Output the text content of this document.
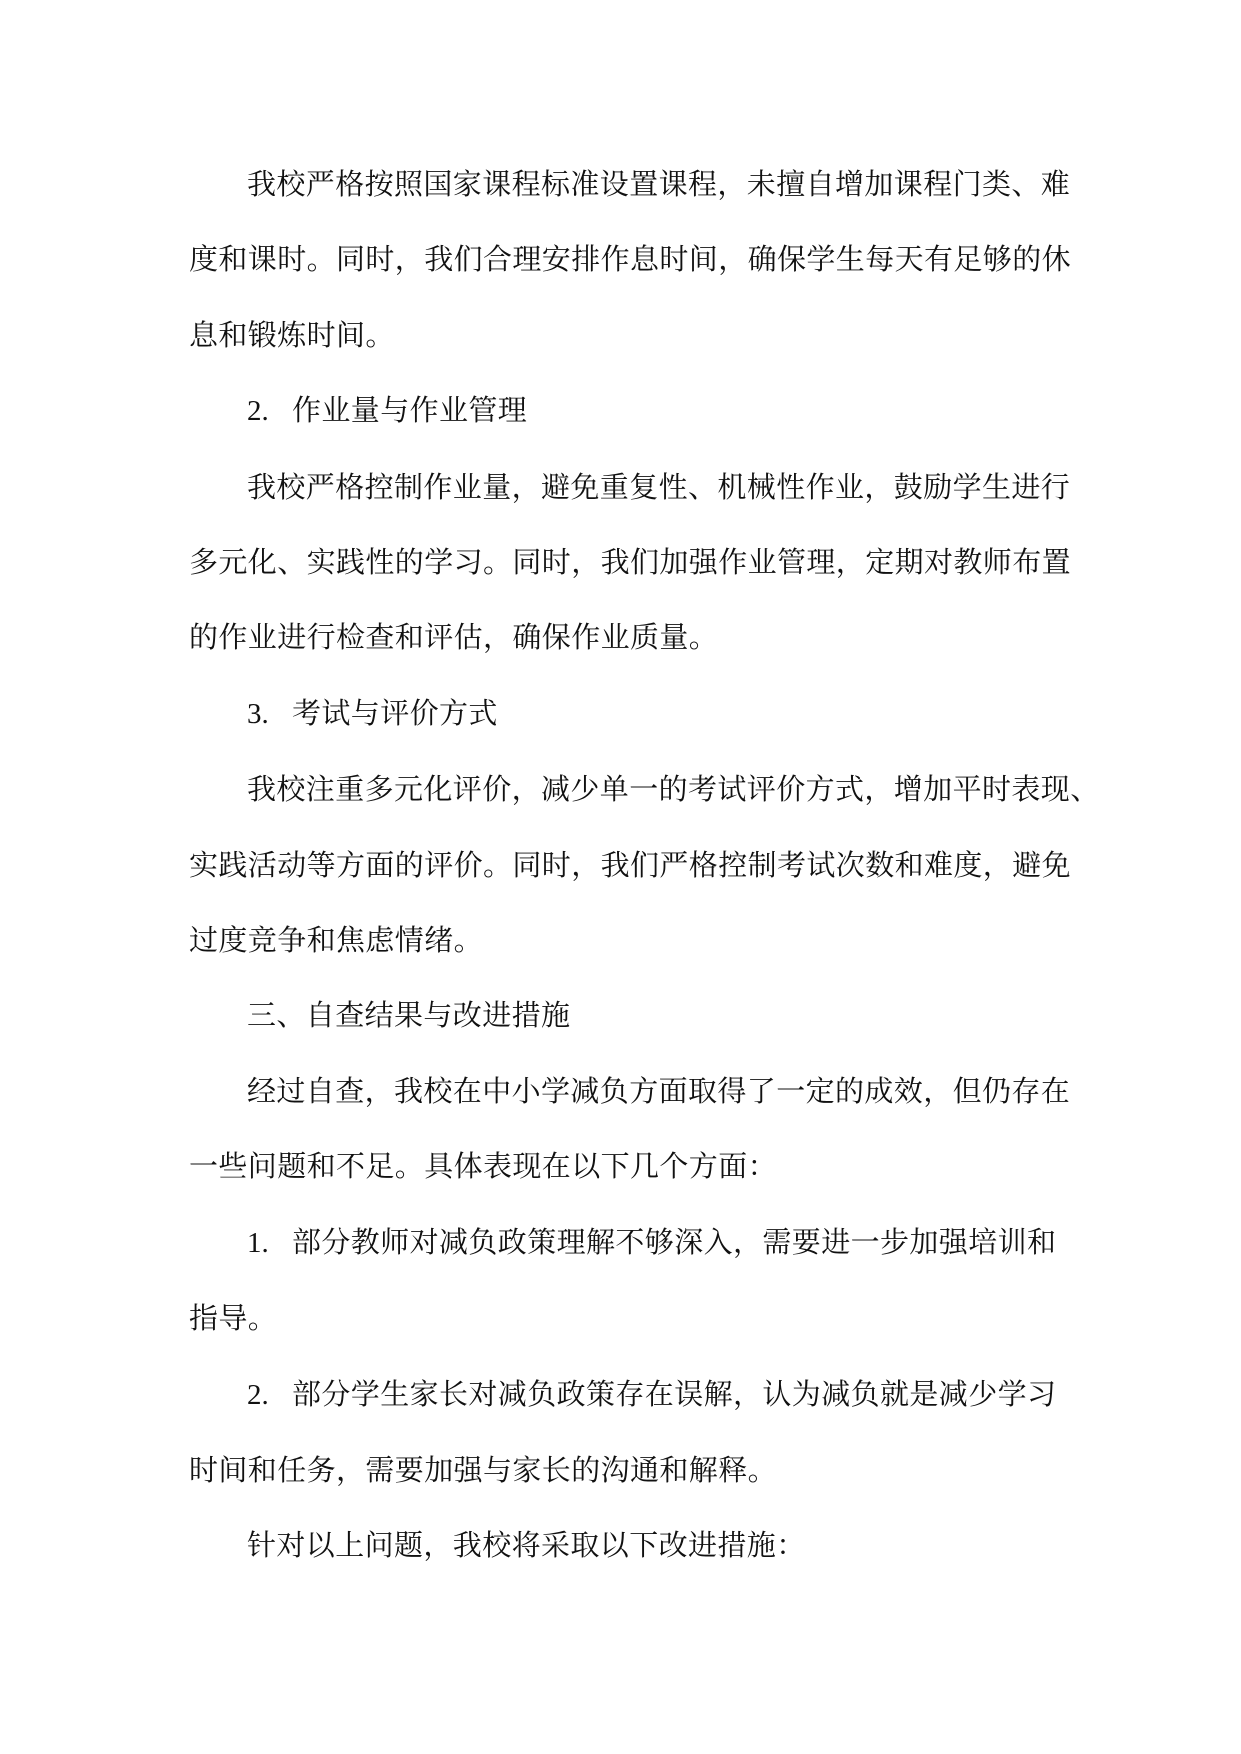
我校严格按照国家课程标准设置课程，未擅自增加课程门类、难
度和课时。同时，我们合理安排作息时间，确保学生每天有足够的休
息和锻炼时间。
2. 作业量与作业管理
我校严格控制作业量，避免重复性、机械性作业，鼓励学生进行
多元化、实践性的学习。同时，我们加强作业管理，定期对教师布置
的作业进行检查和评估，确保作业质量。
3. 考试与评价方式
我校注重多元化评价，减少单一的考试评价方式，增加平时表现、
实践活动等方面的评价。同时，我们严格控制考试次数和难度，避免
过度竞争和焦虑情绪。
三、自查结果与改进措施
经过自查，我校在中小学减负方面取得了一定的成效，但仍存在
一些问题和不足。具体表现在以下几个方面：
1. 部分教师对减负政策理解不够深入，需要进一步加强培训和
指导。
2. 部分学生家长对减负政策存在误解，认为减负就是减少学习
时间和任务，需要加强与家长的沟通和解释。
针对以上问题，我校将采取以下改进措施：
